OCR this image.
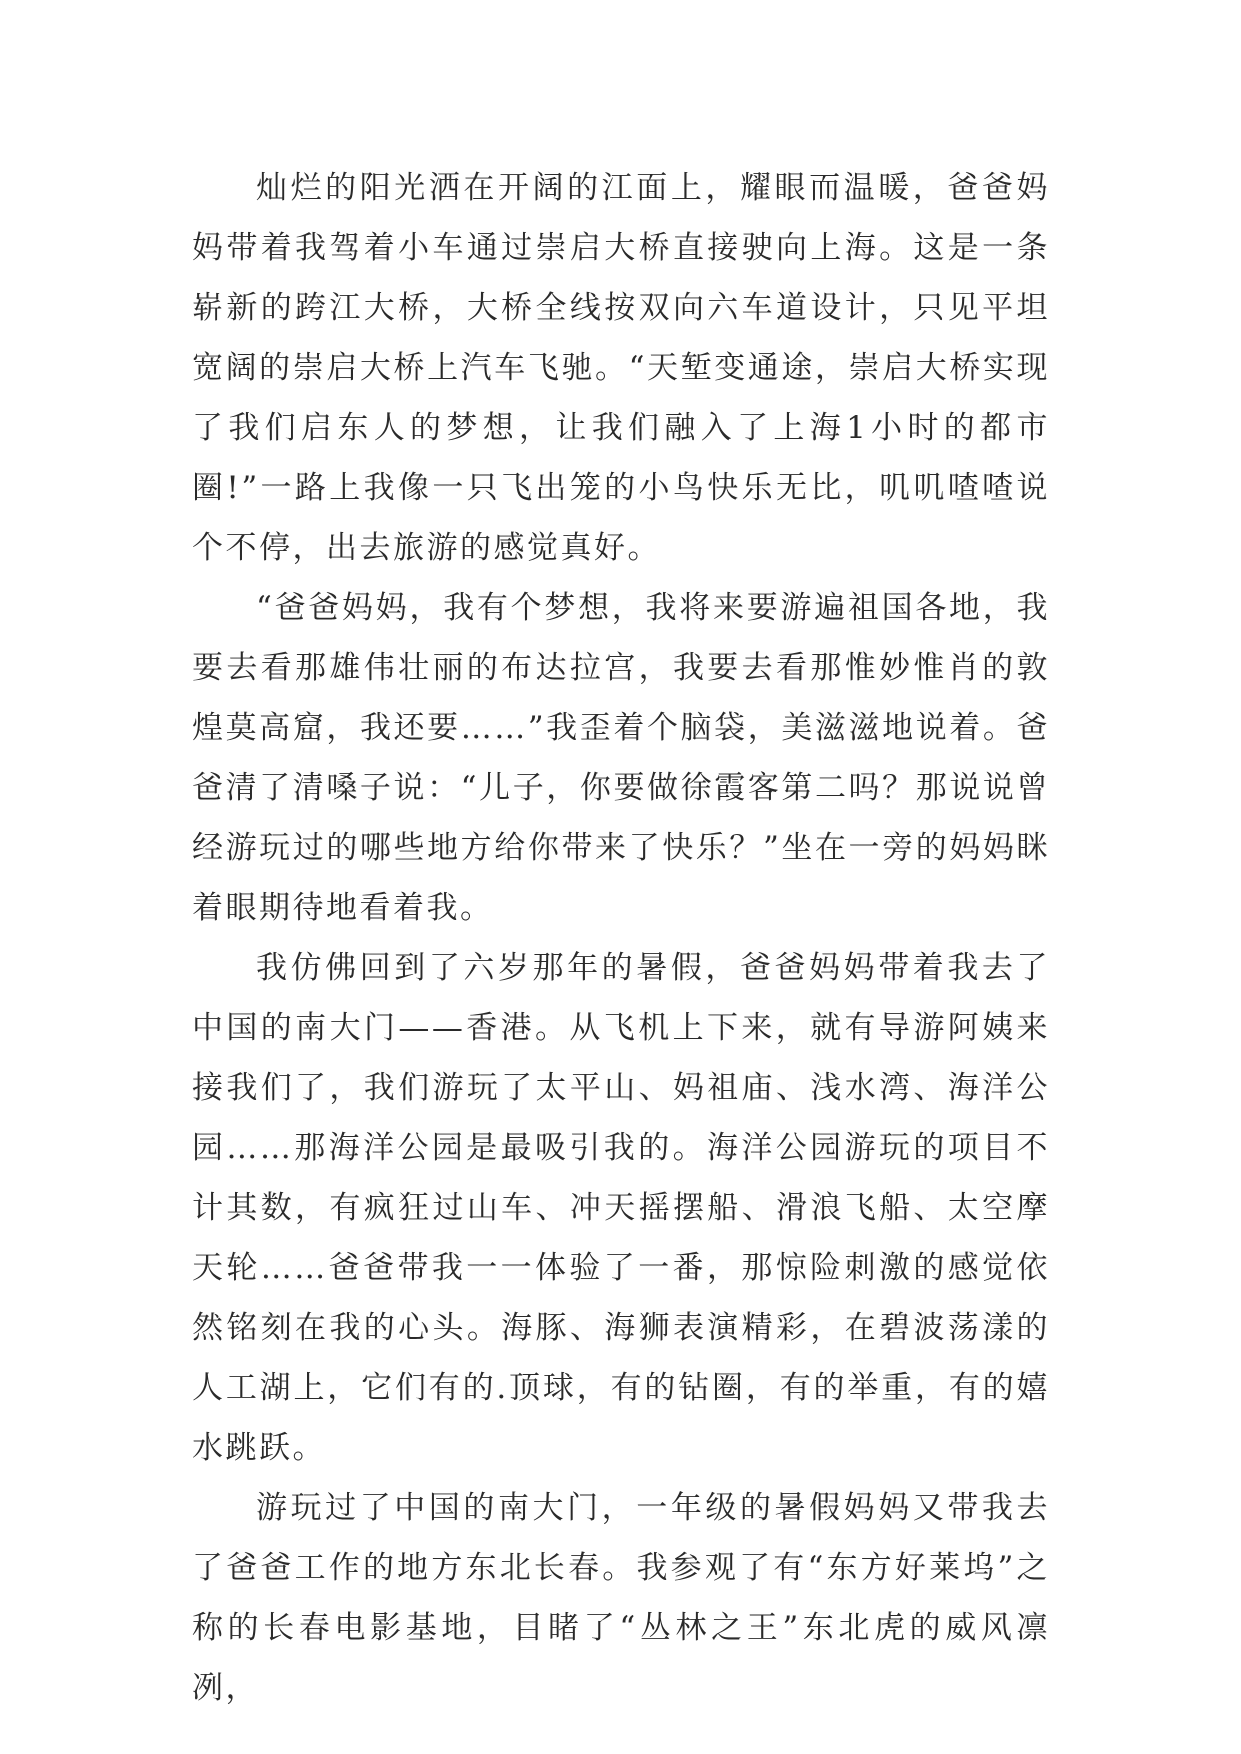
灿烂的阳光洒在开阔的江面上，耀眼而温暖，爸爸妈妈带着我驾着小车通过崇启大桥直接驶向上海。这是一条崭新的跨江大桥，大桥全线按双向六车道设计，只见平坦宽阔的崇启大桥上汽车飞驰。“天堑变通途，崇启大桥实现了我们启东人的梦想，让我们融入了上海1小时的都市圈!”一路上我像一只飞出笼的小鸟快乐无比，叽叽喳喳说个不停，出去旅游的感觉真好。

“爸爸妈妈，我有个梦想，我将来要游遍祖国各地，我要去看那雄伟壮丽的布达拉宫，我要去看那惟妙惟肖的敦煌莫高窟，我还要……”我歪着个脑袋，美滋滋地说着。爸爸清了清嗓子说：“儿子，你要做徐霞客第二吗？那说说曾经游玩过的哪些地方给你带来了快乐？”坐在一旁的妈妈眯着眼期待地看着我。

我仿佛回到了六岁那年的暑假，爸爸妈妈带着我去了中国的南大门——香港。从飞机上下来，就有导游阿姨来接我们了，我们游玩了太平山、妈祖庙、浅水湾、海洋公园……那海洋公园是最吸引我的。海洋公园游玩的项目不计其数，有疯狂过山车、冲天摇摆船、滑浪飞船、太空摩天轮……爸爸带我一一体验了一番，那惊险刺激的感觉依然铭刻在我的心头。海豚、海狮表演精彩，在碧波荡漾的人工湖上，它们有的.顶球，有的钻圈，有的举重，有的嬉水跳跃。

游玩过了中国的南大门，一年级的暑假妈妈又带我去了爸爸工作的地方东北长春。我参观了有“东方好莱坞”之称的长春电影基地，目睹了“丛林之王”东北虎的威风凛冽，
